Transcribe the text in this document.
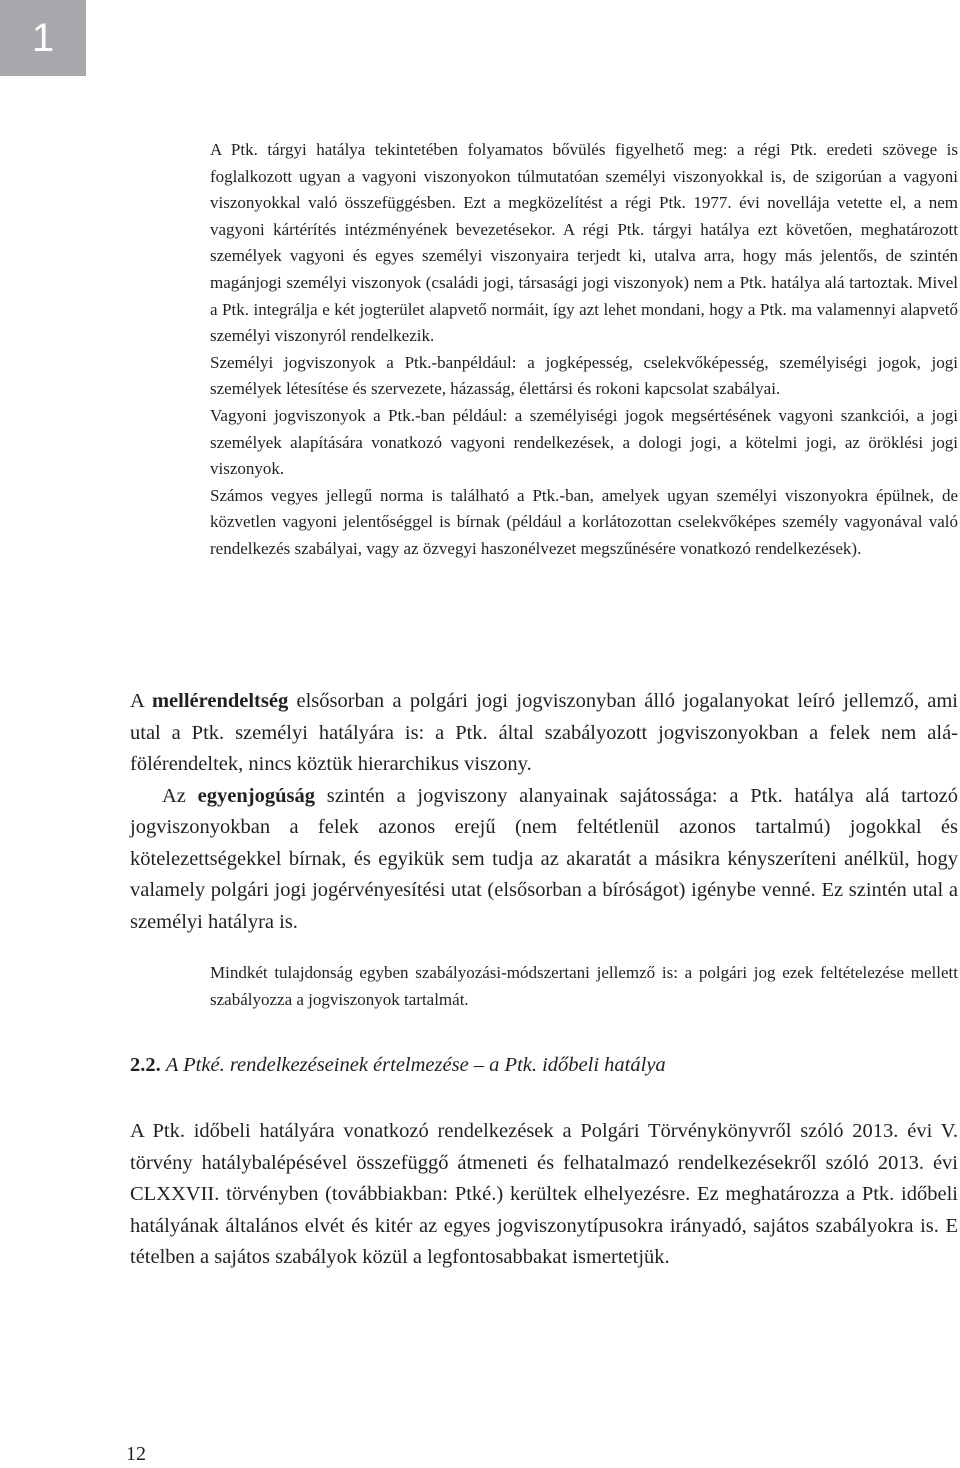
1

A Ptk. tárgyi hatálya tekintetében folyamatos bővülés figyelhető meg: a régi Ptk. eredeti szövege is foglalkozott ugyan a vagyoni viszonyokon túlmutatóan személyi viszonyokkal is, de szigorúan a vagyoni viszonyokkal való összefüggésben. Ezt a megközelítést a régi Ptk. 1977. évi novellája vetette el, a nem vagyoni kártérítés intézményének bevezetésekor. A régi Ptk. tárgyi hatálya ezt követően, meghatározott személyek vagyoni és egyes személyi viszonyaira terjedt ki, utalva arra, hogy más jelentős, de szintén magánjogi személyi viszonyok (családi jogi, társasági jogi viszonyok) nem a Ptk. hatálya alá tartoztak. Mivel a Ptk. integrálja e két jogterület alapvető normáit, így azt lehet mondani, hogy a Ptk. ma valamennyi alapvető személyi viszonyról rendelkezik.

Személyi jogviszonyok a Ptk.-banpéldául: a jogképesség, cselekvőképesség, személyiségi jogok, jogi személyek létesítése és szervezete, házasság, élettársi és rokoni kapcsolat szabályai.

Vagyoni jogviszonyok a Ptk.-ban például: a személyiségi jogok megsértésének vagyoni szankciói, a jogi személyek alapítására vonatkozó vagyoni rendelkezések, a dologi jogi, a kötelmi jogi, az öröklési jogi viszonyok.

Számos vegyes jellegű norma is található a Ptk.-ban, amelyek ugyan személyi viszonyokra épülnek, de közvetlen vagyoni jelentőséggel is bírnak (például a korlátozottan cselekvőképes személy vagyonával való rendelkezés szabályai, vagy az özvegyi haszonélvezet megszűnésére vonatkozó rendelkezések).

A mellérendeltség elsősorban a polgári jogi jogviszonyban álló jogalanyokat leíró jellemző, ami utal a Ptk. személyi hatályára is: a Ptk. által szabályozott jogviszonyokban a felek nem alá-fölérendeltek, nincs köztük hierarchikus viszony.

Az egyenjogúság szintén a jogviszony alanyainak sajátossága: a Ptk. hatálya alá tartozó jogviszonyokban a felek azonos erejű (nem feltétlenül azonos tartalmú) jogokkal és kötelezettségekkel bírnak, és egyikük sem tudja az akaratát a másikra kényszeríteni anélkül, hogy valamely polgári jogi jogérvényesítési utat (elsősorban a bíróságot) igénybe venné. Ez szintén utal a személyi hatályra is.

Mindkét tulajdonság egyben szabályozási-módszertani jellemző is: a polgári jog ezek feltételezése mellett szabályozza a jogviszonyok tartalmát.

2.2. A Ptké. rendelkezéseinek értelmezése – a Ptk. időbeli hatálya

A Ptk. időbeli hatályára vonatkozó rendelkezések a Polgári Törvénykönyvről szóló 2013. évi V. törvény hatálybalépésével összefüggő átmeneti és felhatalmazó rendelkezésekről szóló 2013. évi CLXXVII. törvényben (továbbiakban: Ptké.) kerültek elhelyezésre. Ez meghatározza a Ptk. időbeli hatályának általános elvét és kitér az egyes jogviszonytípusokra irányadó, sajátos szabályokra is. E tételben a sajátos szabályok közül a legfontosabbakat ismertetjük.

12
